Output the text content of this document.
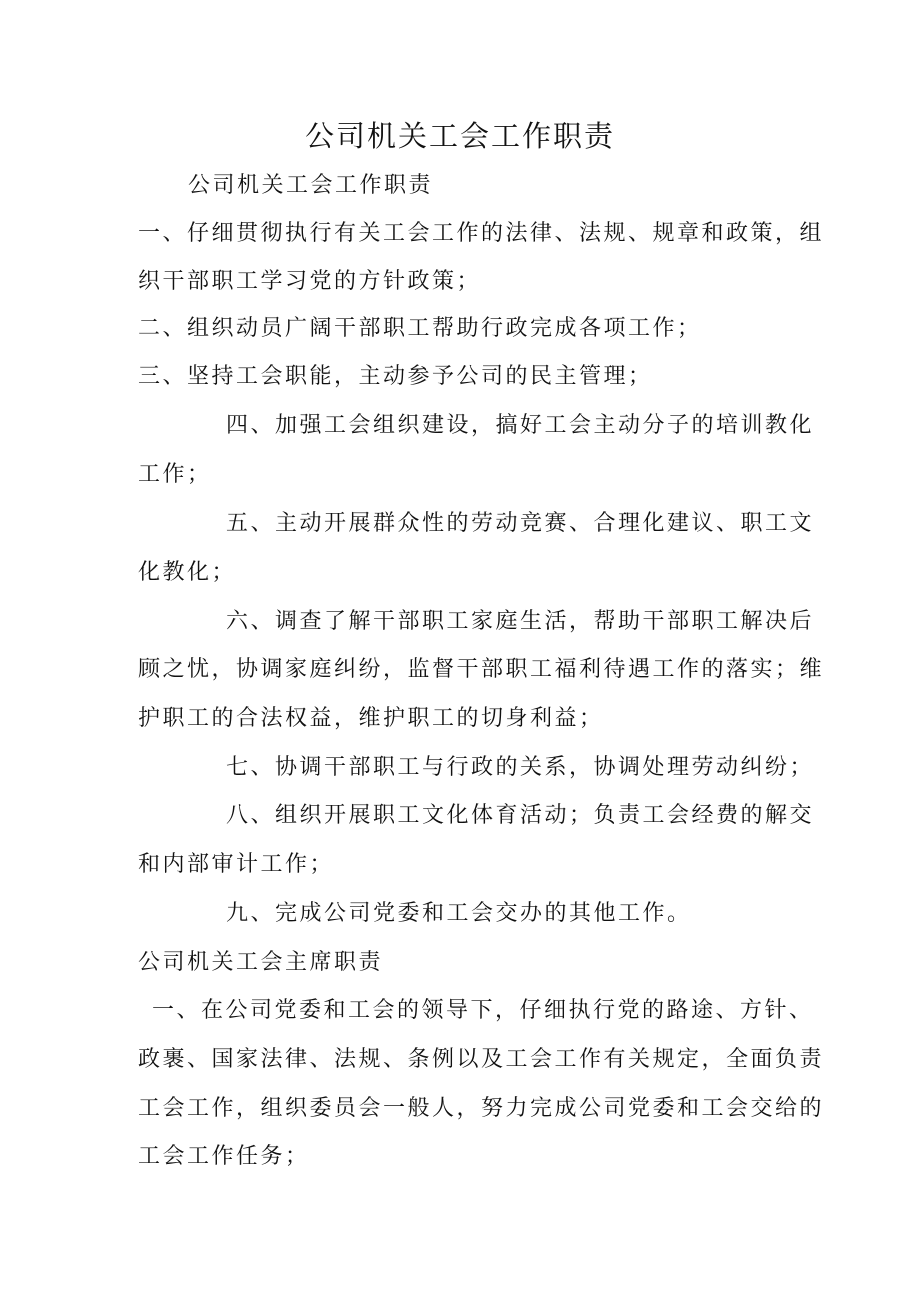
公司机关工会工作职责
公司机关工会工作职责
一、仔细贯彻执行有关工会工作的法律、法规、规章和政策，组
织干部职工学习党的方针政策；
二、组织动员广阔干部职工帮助行政完成各项工作；
三、坚持工会职能，主动参予公司的民主管理；
四、加强工会组织建设，搞好工会主动分子的培训教化
工作；
五、主动开展群众性的劳动竞赛、合理化建议、职工文
化教化；
六、调查了解干部职工家庭生活，帮助干部职工解决后
顾之忧，协调家庭纠纷，监督干部职工福利待遇工作的落实；维
护职工的合法权益，维护职工的切身利益；
七、协调干部职工与行政的关系，协调处理劳动纠纷；
八、组织开展职工文化体育活动；负责工会经费的解交
和内部审计工作；
九、完成公司党委和工会交办的其他工作。
公司机关工会主席职责
一、在公司党委和工会的领导下，仔细执行党的路途、方针、
政裹、国家法律、法规、条例以及工会工作有关规定，全面负责
工会工作，组织委员会一般人，努力完成公司党委和工会交给的
工会工作任务；
